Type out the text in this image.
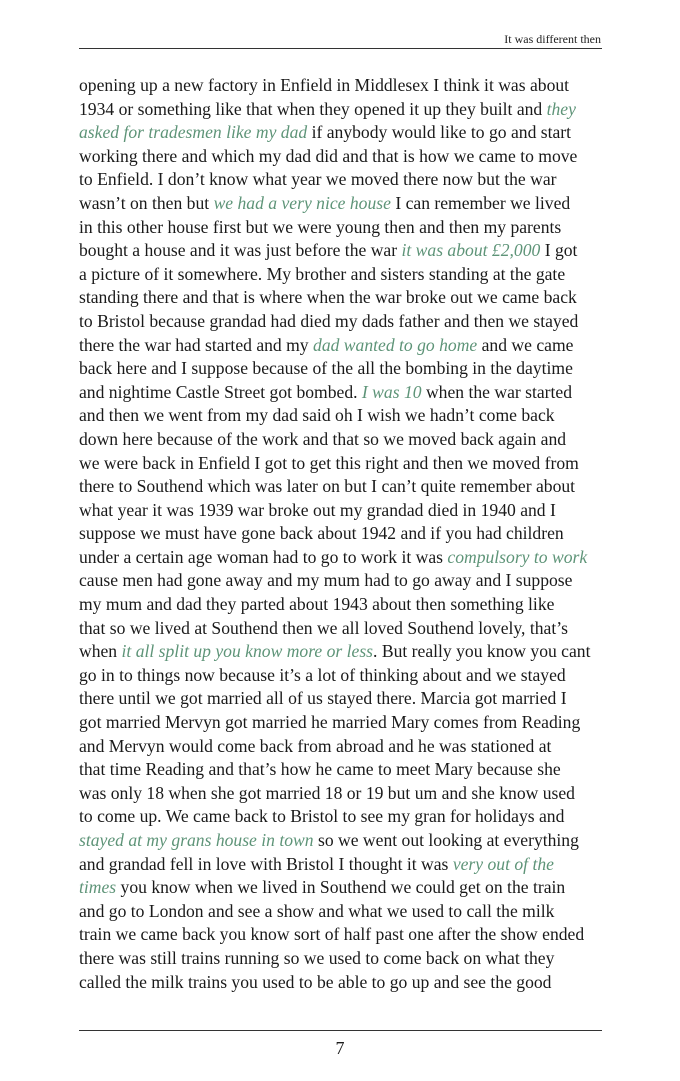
It was different then
opening up a new factory in Enfield in Middlesex I think it was about
1934 or something like that when they opened it up they built and they
asked for tradesmen like my dad if anybody would like to go and start
working there and which my dad did and that is how we came to move
to Enfield. I don’t know what year we moved there now but the war
wasn’t on then but we had a very nice house I can remember we lived
in this other house first but we were young then and then my parents
bought a house and it was just before the war it was about £2,000 I got
a picture of it somewhere. My brother and sisters standing at the gate
standing there and that is where when the war broke out we came back
to Bristol because grandad had died my dads father and then we stayed
there the war had started and my dad wanted to go home and we came
back here and I suppose because of the all the bombing in the daytime
and nightime Castle Street got bombed. I was 10 when the war started
and then we went from my dad said oh I wish we hadn’t come back
down here because of the work and that so we moved back again and
we were back in Enfield I got to get this right and then we moved from
there to Southend which was later on but I can’t quite remember about
what year it was 1939 war broke out my grandad died in 1940 and I
suppose we must have gone back about 1942 and if you had children
under a certain age woman had to go to work it was compulsory to work
cause men had gone away and my mum had to go away and I suppose
my mum and dad they parted about 1943 about then something like
that so we lived at Southend then we all loved Southend lovely, that’s
when it all split up you know more or less. But really you know you cant
go in to things now because it’s a lot of thinking about and we stayed
there until we got married all of us stayed there. Marcia got married I
got married Mervyn got married he married Mary comes from Reading
and Mervyn would come back from abroad and he was stationed at
that time Reading and that’s how he came to meet Mary because she
was only 18 when she got married 18 or 19 but um and she know used
to come up. We came back to Bristol to see my gran for holidays and
stayed at my grans house in town so we went out looking at everything
and grandad fell in love with Bristol I thought it was very out of the
times you know when we lived in Southend we could get on the train
and go to London and see a show and what we used to call the milk
train we came back you know sort of half past one after the show ended
there was still trains running so we used to come back on what they
called the milk trains you used to be able to go up and see the good
7
